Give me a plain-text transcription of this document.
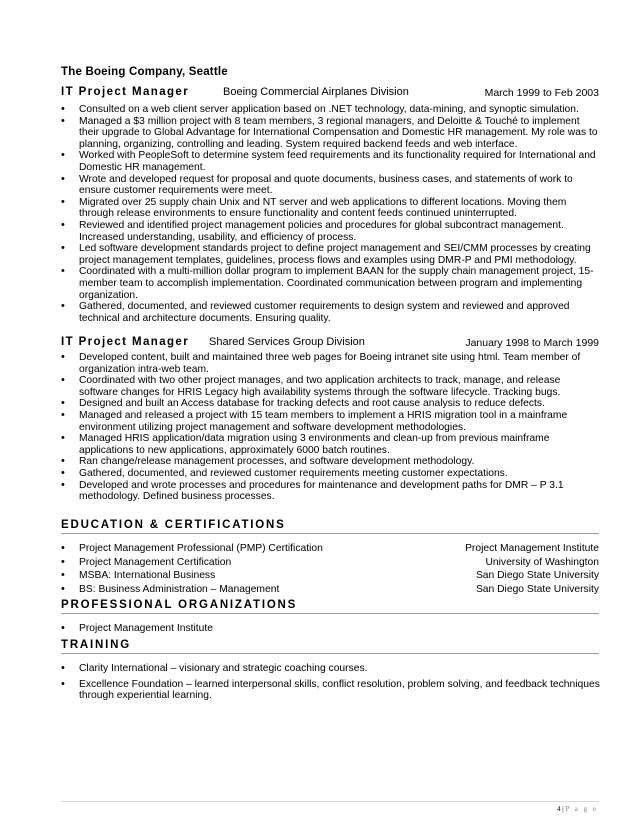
The Boeing Company, Seattle
IT Project Manager	Boeing Commercial Airplanes Division	March 1999 to Feb 2003
• Consulted on a web client server application based on .NET technology, data-mining, and synoptic simulation.
• Managed a $3 million project with 8 team members, 3 regional managers, and Deloitte & Touché to implement their upgrade to Global Advantage for International Compensation and Domestic HR management. My role was to planning, organizing, controlling and leading. System required backend feeds and web interface.
• Worked with PeopleSoft to determine system feed requirements and its functionality required for International and Domestic HR management.
• Wrote and developed request for proposal and quote documents, business cases, and statements of work to ensure customer requirements were meet.
• Migrated over 25 supply chain Unix and NT server and web applications to different locations. Moving them through release environments to ensure functionality and content feeds continued uninterrupted.
• Reviewed and identified project management policies and procedures for global subcontract management. Increased understanding, usability, and efficiency of process.
• Led software development standards project to define project management and SEI/CMM processes by creating project management templates, guidelines, process flows and examples using DMR-P and PMI methodology.
• Coordinated with a multi-million dollar program to implement BAAN for the supply chain management project, 15-member team to accomplish implementation. Coordinated communication between program and implementing organization.
• Gathered, documented, and reviewed customer requirements to design system and reviewed and approved technical and architecture documents. Ensuring quality.
IT Project Manager Shared Services Group Division	January 1998 to March 1999
• Developed content, built and maintained three web pages for Boeing intranet site using html. Team member of organization intra-web team.
• Coordinated with two other project manages, and two application architects to track, manage, and release software changes for HRIS Legacy high availability systems through the software lifecycle. Tracking bugs.
• Designed and built an Access database for tracking defects and root cause analysis to reduce defects.
• Managed and released a project with 15 team members to implement a HRIS migration tool in a mainframe environment utilizing project management and software development methodologies.
• Managed HRIS application/data migration using 3 environments and clean-up from previous mainframe applications to new applications, approximately 6000 batch routines.
• Ran change/release management processes, and software development methodology.
• Gathered, documented, and reviewed customer requirements meeting customer expectations.
• Developed and wrote processes and procedures for maintenance and development paths for DMR – P 3.1 methodology. Defined business processes.
EDUCATION & CERTIFICATIONS
• Project Management Professional (PMP) Certification	Project Management Institute
• Project Management Certification	University of Washington
• MSBA: International Business	San Diego State University
• BS: Business Administration – Management	San Diego State University
PROFESSIONAL ORGANIZATIONS
• Project Management Institute
TRAINING
• Clarity International – visionary and strategic coaching courses.
• Excellence Foundation – learned interpersonal skills, conflict resolution, problem solving, and feedback techniques through experiential learning.
4 | P a g e
